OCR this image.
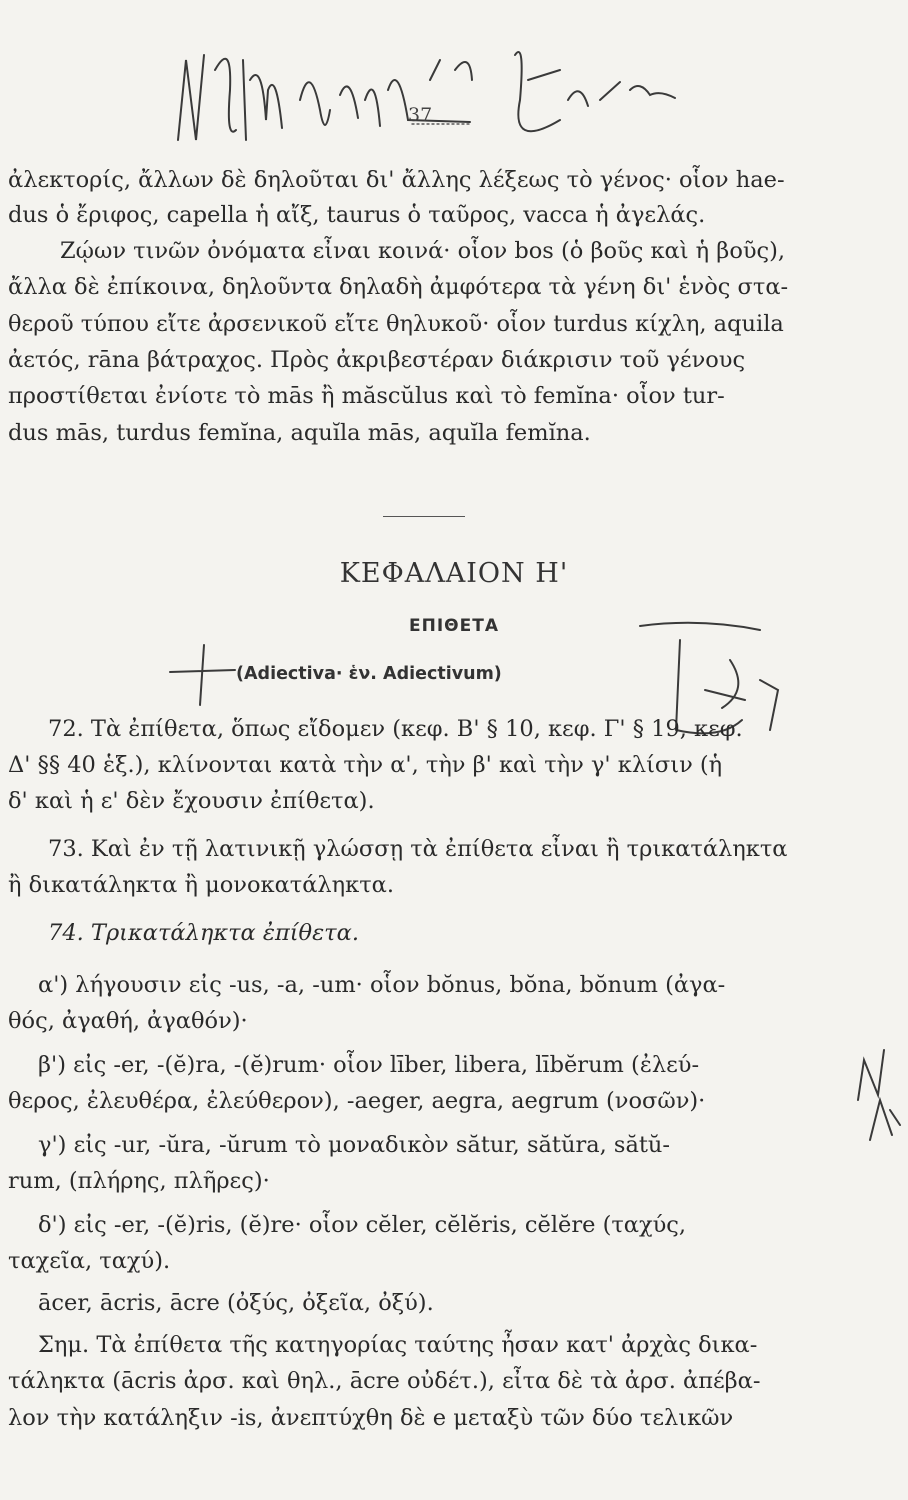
37
ἀλεκτορίς, ἄλλων δὲ δηλοῦται δι' ἄλλης λέξεως τὸ γένος· οἷον hae-
dus ὁ ἔριφος, capella ἡ αἴξ, taurus ὁ ταῦρος, vacca ἡ ἀγελάς.
Ζῴων τινῶν ὀνόματα εἶναι κοινά· οἷον bos (ὁ βοῦς καὶ ἡ βοῦς),
ἄλλα δὲ ἐπίκοινα, δηλοῦντα δηλαδὴ ἀμφότερα τὰ γένη δι' ἑνὸς στα-
θεροῦ τύπου εἴτε ἀρσενικοῦ εἴτε θηλυκοῦ· οἷον turdus κίχλη, aquila
ἀετός, rāna βάτραχος. Πρὸς ἀκριβεστέραν διάκρισιν τοῦ γένους
προστίθεται ἐνίοτε τὸ mās ἢ măscŭlus καὶ τὸ femĭna· οἷον tur-
dus mās, turdus femĭna, aquĭla mās, aquĭla femĭna.
ΚΕΦΑΛΑΙΟΝ Η'
ΕΠΙΘΕΤΑ
(Adiectiva· ἑν. Adiectivum)
72. Τὰ ἐπίθετα, ὅπως εἴδομεν (κεφ. Β' § 10, κεφ. Γ' § 19, κεφ.
Δ' §§ 40 ἑξ.), κλίνονται κατὰ τὴν α', τὴν β' καὶ τὴν γ' κλίσιν (ἡ
δ' καὶ ἡ ε' δὲν ἔχουσιν ἐπίθετα).
73. Καὶ ἐν τῇ λατινικῇ γλώσσῃ τὰ ἐπίθετα εἶναι ἢ τρικατάληκτα
ἢ δικατάληκτα ἢ μονοκατάληκτα.
74. Τρικατάληκτα ἐπίθετα.
α') λήγουσιν εἰς -us, -a, -um· οἷον bŏnus, bŏna, bŏnum (ἀγα-
θός, ἀγαθή, ἀγαθόν)·
β') εἰς -er, -(ĕ)ra, -(ĕ)rum· οἷον līber, libera, lībĕrum (ἐλεύ-
θερος, ἐλευθέρα, ἐλεύθερον), -aeger, aegra, aegrum (νοσῶν)·
γ') εἰς -ur, -ŭra, -ŭrum τὸ μοναδικὸν sătur, sătŭra, sătŭ-
rum, (πλήρης, πλῆρες)·
δ') εἰς -er, -(ĕ)ris, (ĕ)re· οἷον cĕler, cĕlĕris, cĕlĕre (ταχύς,
ταχεῖα, ταχύ).
ācer, ācris, ācre (ὀξύς, ὀξεῖα, ὀξύ).
Σημ. Τὰ ἐπίθετα τῆς κατηγορίας ταύτης ἦσαν κατ' ἀρχὰς δικα-
τάληκτα (ācris ἀρσ. καὶ θηλ., ācre οὐδέτ.), εἶτα δὲ τὰ ἀρσ. ἀπέβα-
λον τὴν κατάληξιν -is, ἀνεπτύχθη δὲ e μεταξὺ τῶν δύο τελικῶν
